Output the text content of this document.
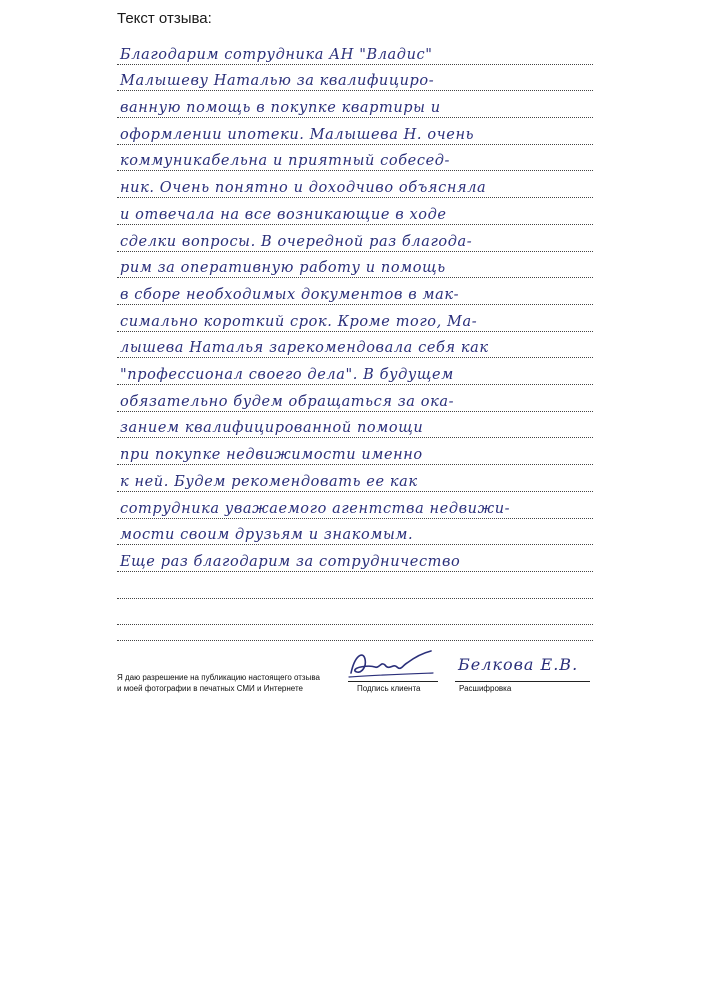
Текст отзыва:
Благодарим сотрудника АН "Владис"
Малышеву Наталью за квалифициро-
ванную помощь в покупке квартиры и
оформлении ипотеки. Малышева Н. очень
коммуникабельна и приятный собесед-
ник. Очень понятно и доходчиво объясняла
и отвечала на все возникающие в ходе
сделки вопросы. В очередной раз благода-
рим за оперативную работу и помощь
в сборе необходимых документов в мак-
симально короткий срок. Кроме того, Ма-
лышева Наталья зарекомендовала себя как
"профессионал своего дела". В будущем
обязательно будем обращаться за ока-
занием квалифицированной помощи
при покупке недвижимости именно
к ней. Будем рекомендовать ее как
сотрудника уважаемого агентства недвижи-
мости своим друзьям и знакомым.
Еще раз благодарим за сотрудничество
Я даю разрешение на публикацию настоящего отзыва
и моей фотографии в печатных СМИ и Интернете	Подпись клиента
Белкова Е.В.
Расшифровка
